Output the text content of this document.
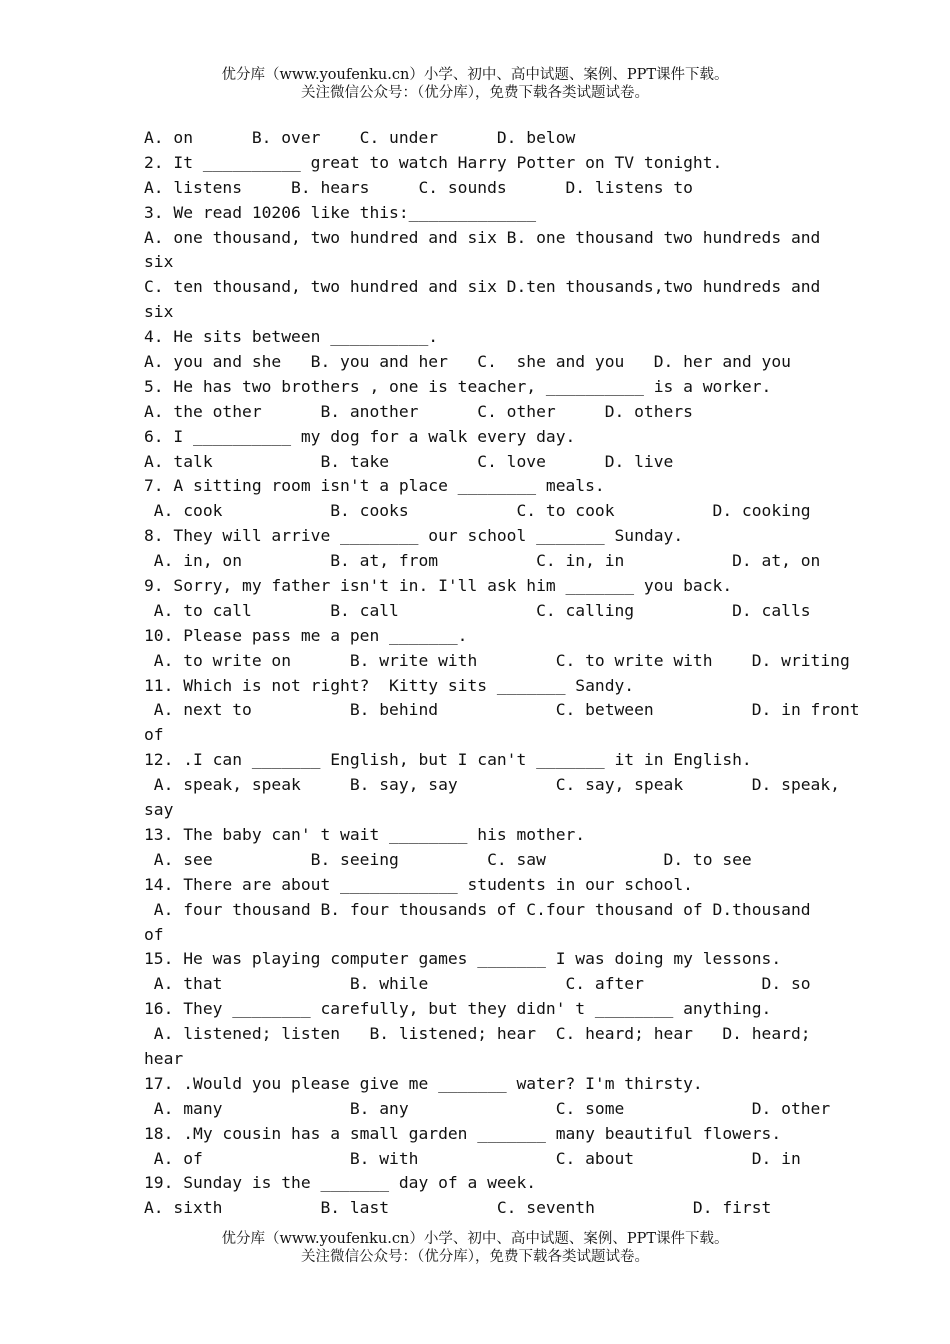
优分库（www.youfenku.cn）小学、初中、高中试题、案例、PPT课件下载。
关注微信公众号：（优分库），免费下载各类试题试卷。
A. on      B. over    C. under      D. below
2. It __________ great to watch Harry Potter on TV tonight.
A. listens     B. hears     C. sounds      D. listens to
3. We read 10206 like this:_____________
A. one thousand, two hundred and six B. one thousand two hundreds and
six
C. ten thousand, two hundred and six D.ten thousands,two hundreds and
six
4. He sits between __________.
A. you and she   B. you and her   C.  she and you   D. her and you
5. He has two brothers , one is teacher, __________ is a worker.
A. the other      B. another      C. other     D. others
6. I __________ my dog for a walk every day.
A. talk           B. take         C. love      D. live
7. A sitting room isn't a place ________ meals.
A. cook           B. cooks           C. to cook          D. cooking
8. They will arrive ________ our school _______ Sunday.
A. in, on         B. at, from          C. in, in           D. at, on
9. Sorry, my father isn't in. I'll ask him _______ you back.
A. to call        B. call              C. calling          D. calls
10. Please pass me a pen _______.
A. to write on      B. write with        C. to write with    D. writing
11. Which is not right?  Kitty sits _______ Sandy.
A. next to          B. behind            C. between          D. in front
of
12. .I can _______ English, but I can't _______ it in English.
A. speak, speak     B. say, say          C. say, speak       D. speak,
say
13. The baby can' t wait ________ his mother.
A. see          B. seeing         C. saw            D. to see
14. There are about ____________ students in our school.
A. four thousand B. four thousands of C.four thousand of D.thousand
of
15. He was playing computer games _______ I was doing my lessons.
A. that             B. while              C. after            D. so
16. They ________ carefully, but they didn' t ________ anything.
A. listened; listen   B. listened; hear  C. heard; hear   D. heard;
hear
17. .Would you please give me _______ water? I'm thirsty.
A. many             B. any               C. some             D. other
18. .My cousin has a small garden _______ many beautiful flowers.
A. of               B. with              C. about            D. in
19. Sunday is the _______ day of a week.
A. sixth          B. last           C. seventh          D. first
优分库（www.youfenku.cn）小学、初中、高中试题、案例、PPT课件下载。
关注微信公众号：（优分库），免费下载各类试题试卷。
